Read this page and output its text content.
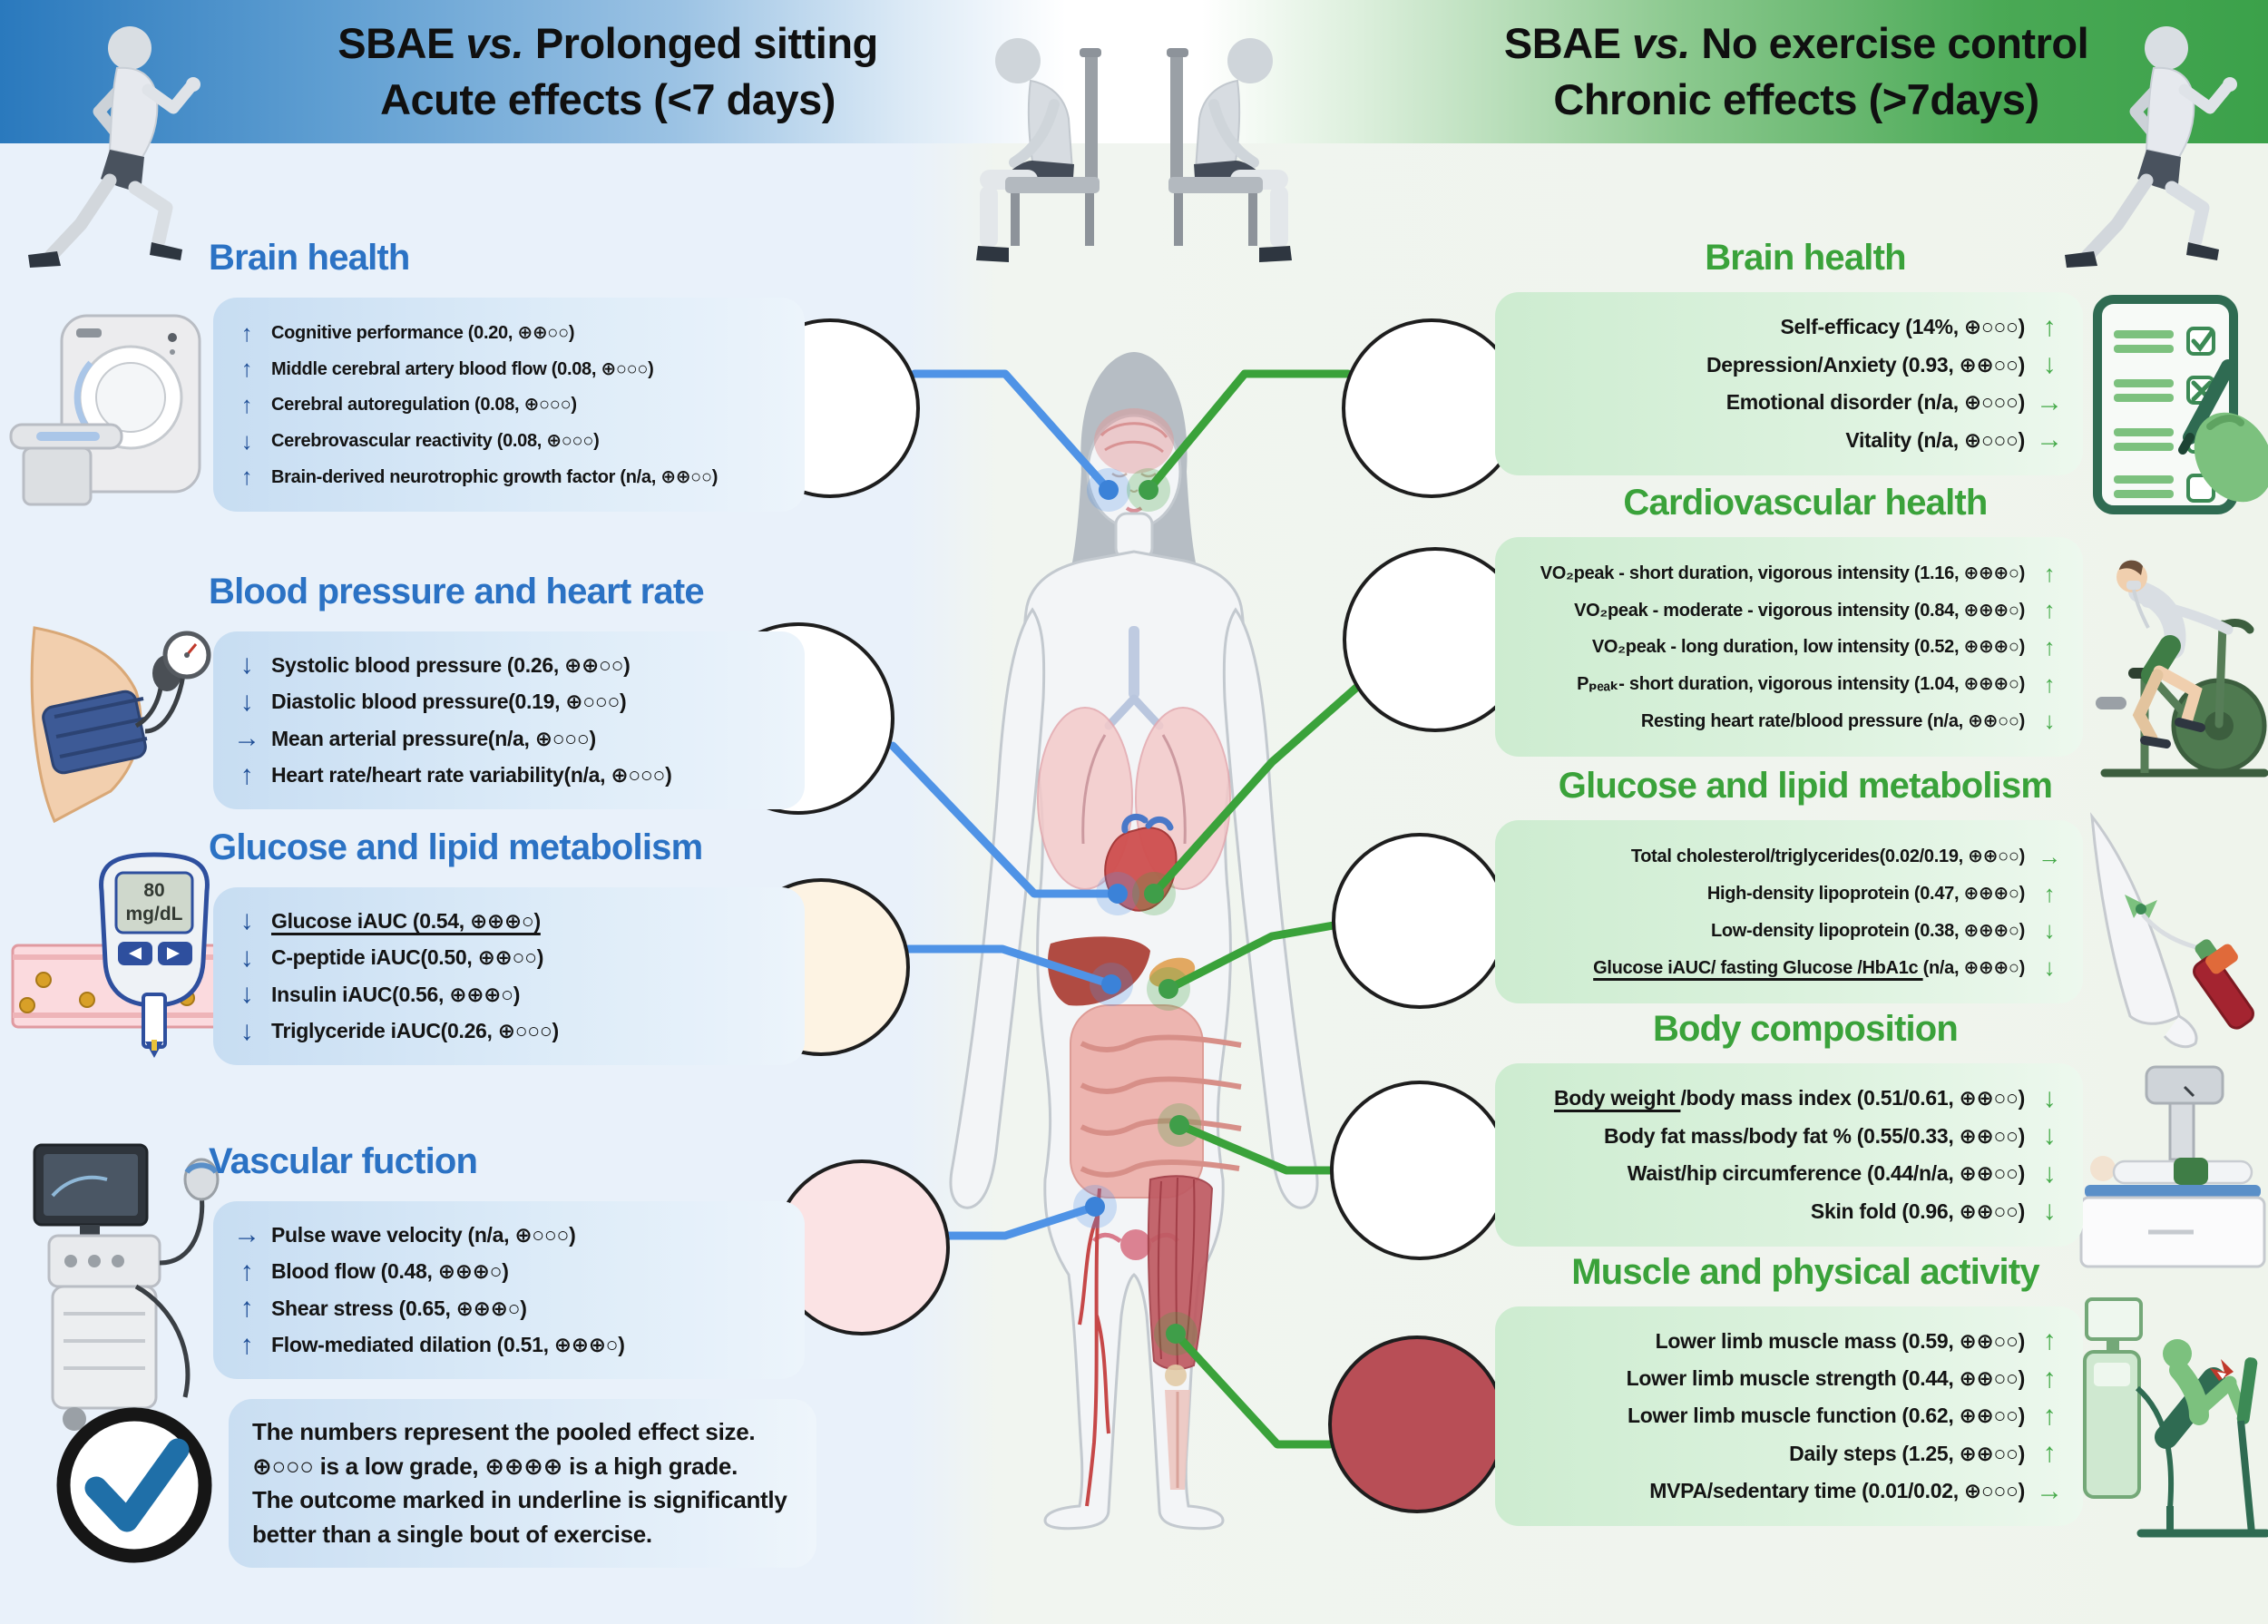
80
mg/dL
SBAE vs. Prolonged sitting
Acute effects (<7 days)
SBAE vs. No exercise control
Chronic effects (>7days)
Brain health
↑	Cognitive performance (0.20, ⊕⊕○○)
↑	Middle cerebral artery blood flow (0.08, ⊕○○○)
↑	Cerebral autoregulation (0.08, ⊕○○○)
↓	Cerebrovascular reactivity (0.08, ⊕○○○)
↑	Brain-derived neurotrophic growth factor (n/a, ⊕⊕○○)
Blood pressure and heart rate
↓ Systolic blood pressure (0.26, ⊕⊕○○)
↓ Diastolic blood pressure(0.19, ⊕○○○)
→ Mean arterial pressure(n/a, ⊕○○○)
↑ Heart rate/heart rate variability(n/a, ⊕○○○)
Glucose and lipid metabolism
↓ Glucose iAUC (0.54, ⊕⊕⊕○)
↓ C-peptide iAUC(0.50, ⊕⊕○○)
↓ Insulin iAUC(0.56, ⊕⊕⊕○)
↓ Triglyceride iAUC(0.26, ⊕○○○)
Vascular fuction
→ Pulse wave velocity (n/a, ⊕○○○)
↑ Blood flow (0.48, ⊕⊕⊕○)
↑ Shear stress (0.65, ⊕⊕⊕○)
↑ Flow-mediated dilation (0.51, ⊕⊕⊕○)
Brain health
Self-efficacy (14%, ⊕○○○) ↑
Depression/Anxiety (0.93, ⊕⊕○○) ↓
Emotional disorder (n/a, ⊕○○○) →
Vitality (n/a, ⊕○○○) →
Cardiovascular health
VO₂peak - short duration, vigorous intensity (1.16, ⊕⊕⊕○) ↑
VO₂peak - moderate - vigorous intensity (0.84, ⊕⊕⊕○) ↑
VO₂peak - long duration, low intensity (0.52, ⊕⊕⊕○) ↑
Pₚₑₐₖ- short duration, vigorous intensity (1.04, ⊕⊕⊕○) ↑
Resting heart rate/blood pressure (n/a, ⊕⊕○○) ↓
Glucose and lipid metabolism
Total cholesterol/triglycerides(0.02/0.19, ⊕⊕○○) →
High-density lipoprotein (0.47, ⊕⊕⊕○) ↑
Low-density lipoprotein (0.38, ⊕⊕⊕○) ↓
Glucose iAUC/ fasting Glucose /HbA1c (n/a, ⊕⊕⊕○) ↓
Body composition
Body weight /body mass index (0.51/0.61, ⊕⊕○○) ↓
Body fat mass/body fat % (0.55/0.33, ⊕⊕○○) ↓
Waist/hip circumference (0.44/n/a, ⊕⊕○○) ↓
Skin fold (0.96, ⊕⊕○○) ↓
Muscle and physical activity
Lower limb muscle mass (0.59, ⊕⊕○○) ↑
Lower limb muscle strength (0.44, ⊕⊕○○) ↑
Lower limb muscle function (0.62, ⊕⊕○○) ↑
Daily steps (1.25, ⊕⊕○○) ↑
MVPA/sedentary time (0.01/0.02, ⊕○○○) →
The numbers represent the pooled effect size.
⊕○○○ is a low grade, ⊕⊕⊕⊕ is a high grade.
The outcome marked in underline is significantly
better than a single bout of exercise.
